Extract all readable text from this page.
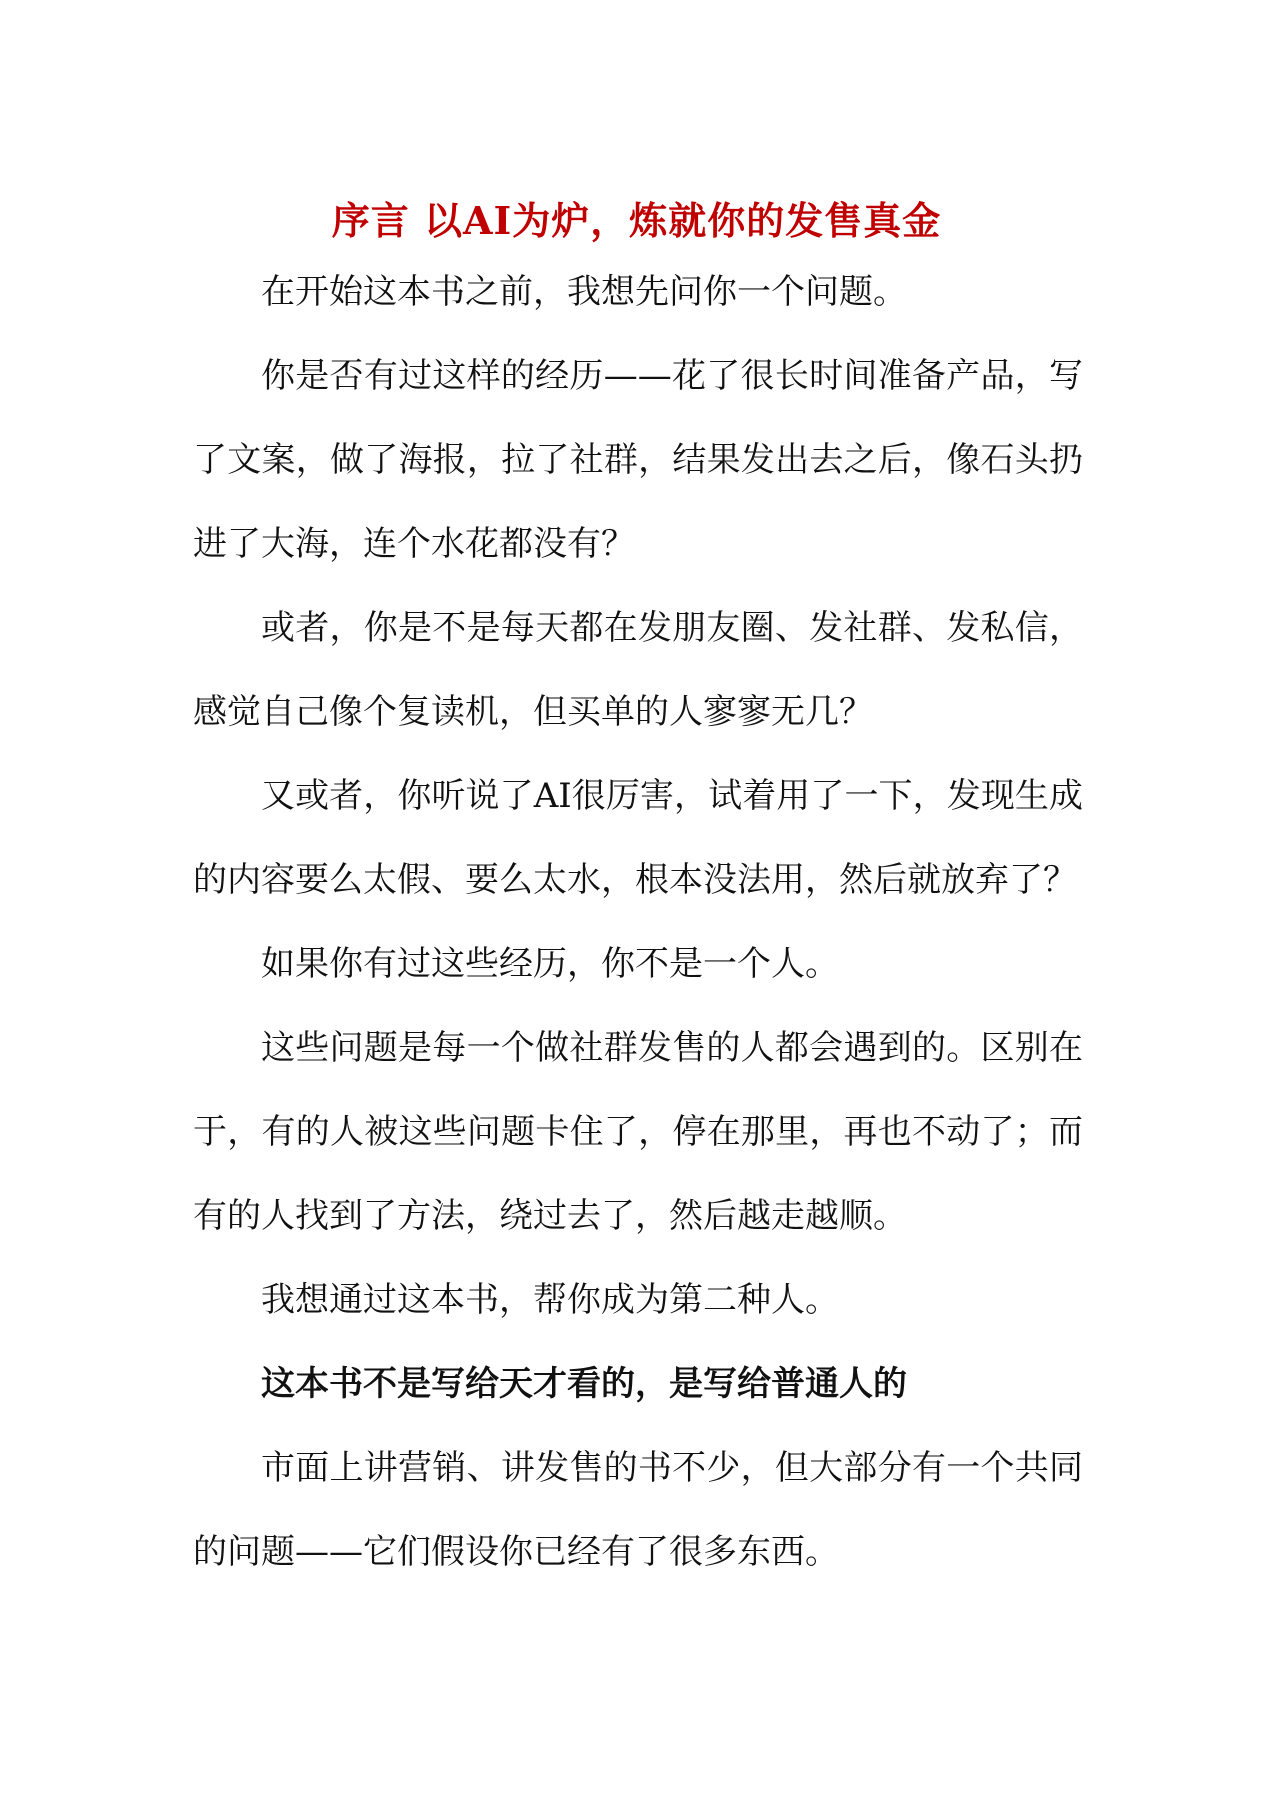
序言 以AI为炉，炼就你的发售真金

在开始这本书之前，我想先问你一个问题。

你是否有过这样的经历——花了很长时间准备产品，写了文案，做了海报，拉了社群，结果发出去之后，像石头扔进了大海，连个水花都没有？

或者，你是不是每天都在发朋友圈、发社群、发私信，感觉自己像个复读机，但买单的人寥寥无几？

又或者，你听说了AI很厉害，试着用了一下，发现生成的内容要么太假、要么太水，根本没法用，然后就放弃了？

如果你有过这些经历，你不是一个人。

这些问题是每一个做社群发售的人都会遇到的。区别在于，有的人被这些问题卡住了，停在那里，再也不动了；而有的人找到了方法，绕过去了，然后越走越顺。

我想通过这本书，帮你成为第二种人。

这本书不是写给天才看的，是写给普通人的

市面上讲营销、讲发售的书不少，但大部分有一个共同的问题——它们假设你已经有了很多东西。
